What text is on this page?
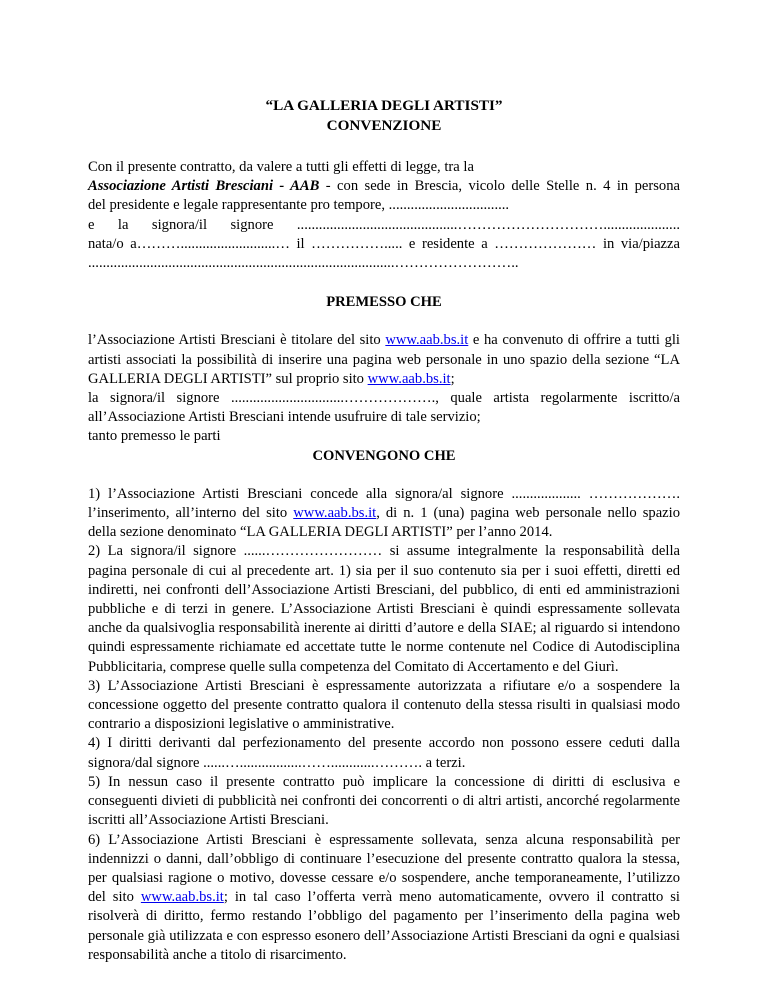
“LA GALLERIA DEGLI ARTISTI”
CONVENZIONE
Con il presente contratto, da valere a tutti gli effetti di legge, tra la
Associazione Artisti Bresciani - AAB - con sede in Brescia, vicolo delle Stelle n. 4 in persona
del presidente e legale rappresentante pro tempore, .................................
e la signora/il signore ............................................………………………….....................
nata/o a………..........................… il ……………..... e residente a ………………… in via/piazza
....................................................................................……………………..
PREMESSO CHE

l’Associazione Artisti Bresciani è titolare del sito www.aab.bs.it e ha convenuto di offrire a tutti gli artisti associati la possibilità di inserire una pagina web personale in uno spazio della sezione “LA GALLERIA DEGLI ARTISTI” sul proprio sito www.aab.bs.it;

la signora/il signore ...............................………………., quale artista regolarmente iscritto/a all’Associazione Artisti Bresciani intende usufruire di tale servizio;

tanto premesso le parti

CONVENGONO CHE

1) l’Associazione Artisti Bresciani concede alla signora/al signore ................... ………………. l’inserimento, all’interno del sito www.aab.bs.it, di n. 1 (una) pagina web personale nello spazio della sezione denominato “LA GALLERIA DEGLI ARTISTI” per l’anno 2014.

2) La signora/il signore ......…………………… si assume integralmente la responsabilità della pagina personale di cui al precedente art. 1) sia per il suo contenuto sia per i suoi effetti, diretti ed indiretti, nei confronti dell’Associazione Artisti Bresciani, del pubblico, di enti ed amministrazioni pubbliche e di terzi in genere. L’Associazione Artisti Bresciani è quindi espressamente sollevata anche da qualsivoglia responsabilità inerente ai diritti d’autore e della SIAE; al riguardo si intendono quindi espressamente richiamate ed accettate tutte le norme contenute nel Codice di Autodisciplina Pubblicitaria, comprese quelle sulla competenza del Comitato di Accertamento e del Giurì.

3) L’Associazione Artisti Bresciani è espressamente autorizzata a rifiutare e/o a sospendere la concessione oggetto del presente contratto qualora il contenuto della stessa risulti in qualsiasi modo contrario a disposizioni legislative o amministrative.

4) I diritti derivanti dal perfezionamento del presente accordo non possono essere ceduti dalla signora/dal signore ......….................……............………. a terzi.

5) In nessun caso il presente contratto può implicare la concessione di diritti di esclusiva e conseguenti divieti di pubblicità nei confronti dei concorrenti o di altri artisti, ancorché regolarmente iscritti all’Associazione Artisti Bresciani.

6) L’Associazione Artisti Bresciani è espressamente sollevata, senza alcuna responsabilità per indennizzi o danni, dall’obbligo di continuare l’esecuzione del presente contratto qualora la stessa, per qualsiasi ragione o motivo, dovesse cessare e/o sospendere, anche temporaneamente, l’utilizzo del sito www.aab.bs.it; in tal caso l’offerta verrà meno automaticamente, ovvero il contratto si risolverà di diritto, fermo restando l’obbligo del pagamento per l’inserimento della pagina web personale già utilizzata e con espresso esonero dell’Associazione Artisti Bresciani da ogni e qualsiasi responsabilità anche a titolo di risarcimento.
